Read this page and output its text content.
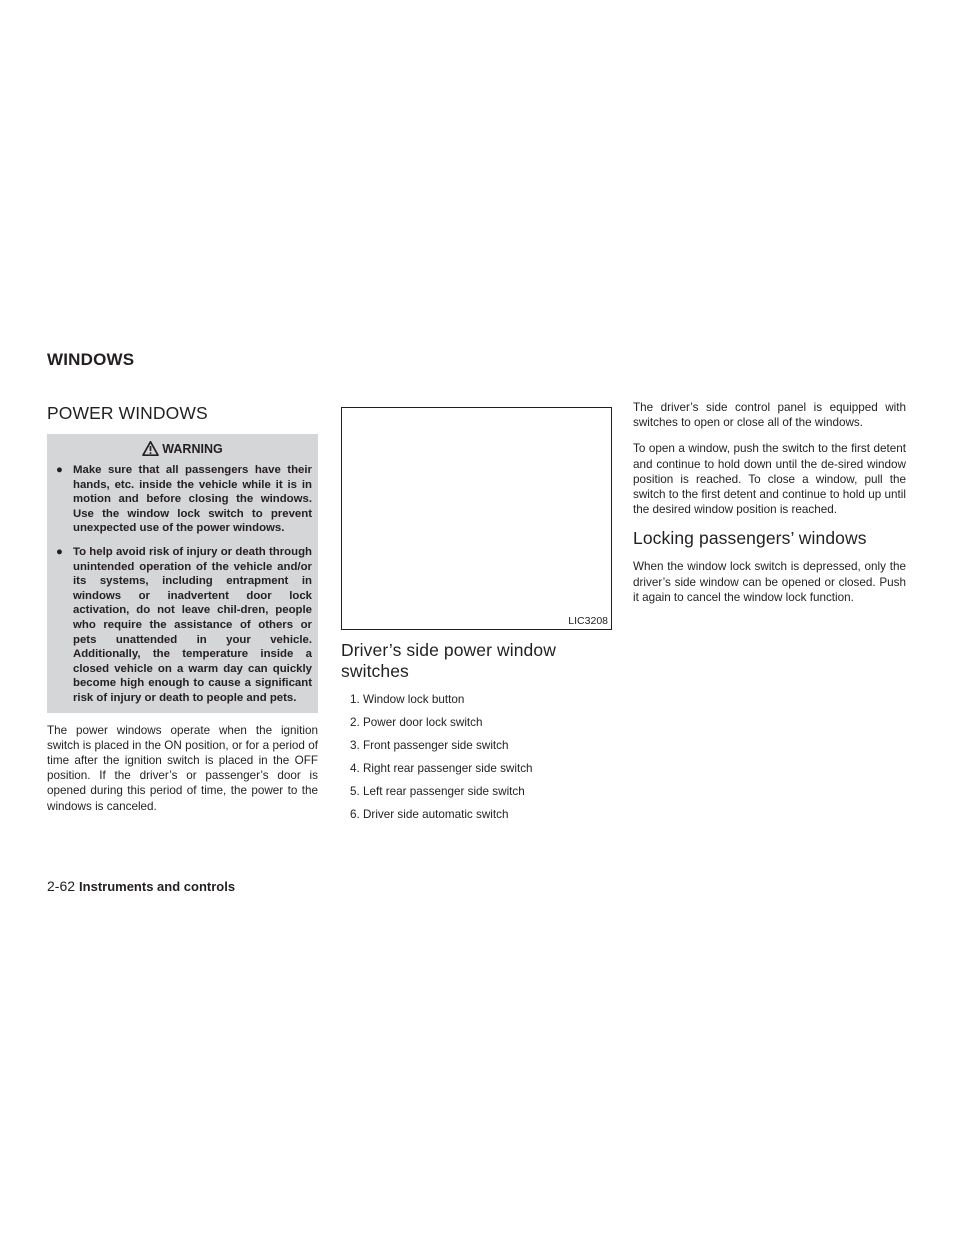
WINDOWS
POWER WINDOWS
WARNING
● Make sure that all passengers have their hands, etc. inside the vehicle while it is in motion and before closing the windows. Use the window lock switch to prevent unexpected use of the power windows.
● To help avoid risk of injury or death through unintended operation of the vehicle and/or its systems, including entrapment in windows or inadvertent door lock activation, do not leave chil-dren, people who require the assistance of others or pets unattended in your vehicle. Additionally, the temperature inside a closed vehicle on a warm day can quickly become high enough to cause a significant risk of injury or death to people and pets.

The power windows operate when the ignition switch is placed in the ON position, or for a period of time after the ignition switch is placed in the OFF position. If the driver’s or passenger’s door is opened during this period of time, the power to the windows is canceled.

LIC3208
Driver’s side power window switches
1. Window lock button
2. Power door lock switch
3. Front passenger side switch
4. Right rear passenger side switch
5. Left rear passenger side switch
6. Driver side automatic switch

The driver’s side control panel is equipped with switches to open or close all of the windows.

To open a window, push the switch to the first detent and continue to hold down until the de-sired window position is reached. To close a window, pull the switch to the first detent and continue to hold up until the desired window position is reached.

Locking passengers’ windows

When the window lock switch is depressed, only the driver’s side window can be opened or closed. Push it again to cancel the window lock function.

2-62 Instruments and controls
